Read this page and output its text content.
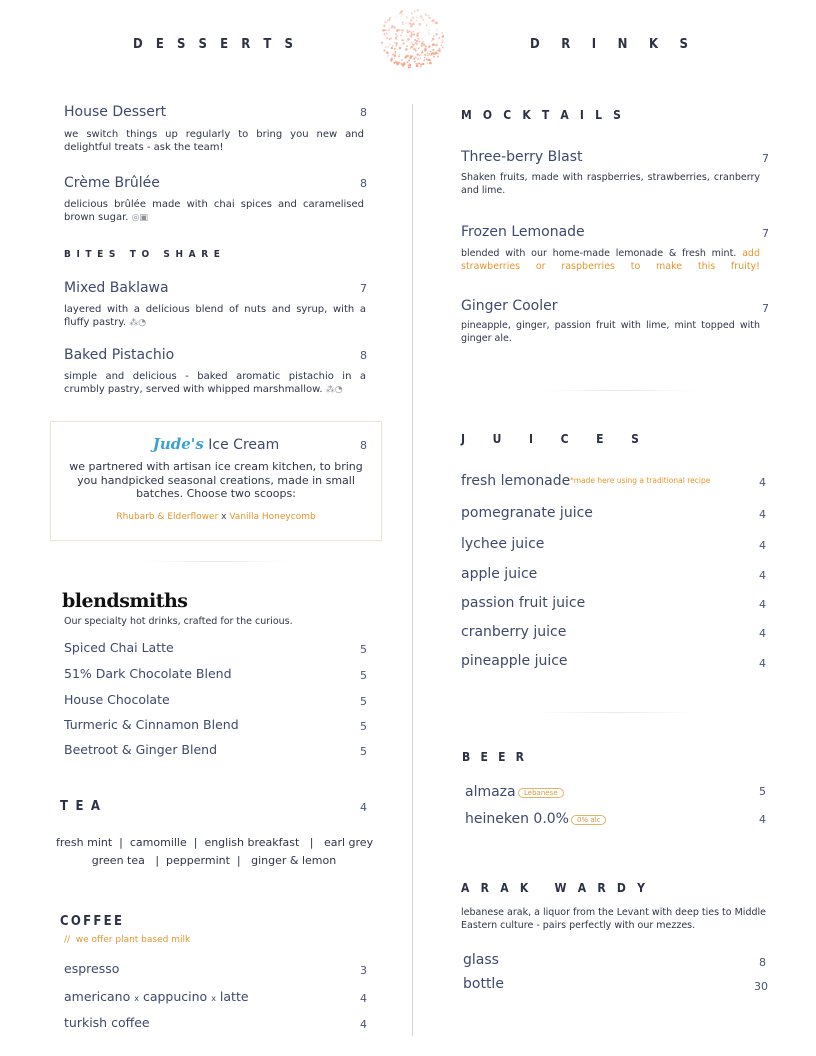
D E S S E R T S	D R I N K S
House Dessert	8
we switch things up regularly to bring you new and delightful treats - ask the team!
Crème Brûlée	8
delicious brûlée made with chai spices and caramelised brown sugar. ◎▣
B I T E S
T O
S H A R E
Mixed Baklawa	7
layered with a delicious blend of nuts and syrup, with a fluffy pastry. ⁂◔
Baked Pistachio	8
simple and delicious - baked aromatic pistachio in a crumbly pastry, served with whipped marshmallow. ⁂◔
Jude's Ice Cream	8
we partnered with artisan ice cream kitchen, to bring you handpicked seasonal creations, made in small batches. Choose two scoops:
Rhubarb & Elderflower x Vanilla Honeycomb
blendsmiths
Our specialty hot drinks, crafted for the curious.
Spiced Chai Latte	5
51% Dark Chocolate Blend	5
House Chocolate	5
Turmeric & Cinnamon Blend	5
Beetroot & Ginger Blend	5
T E A	4
fresh mint  |  camomille  |  english breakfast   |   earl grey
green tea   |  peppermint  |   ginger & lemon
C O F F E E
//  we offer plant based milk
espresso	3
americano x cappucino x latte	4
turkish coffee	4
M O C K T A I L S
Three-berry Blast	7
Shaken fruits, made with raspberries, strawberries, cranberry and lime.
Frozen Lemonade	7
blended with our home-made lemonade & fresh mint. add strawberries or raspberries to make this fruity!
Ginger Cooler	7
pineapple, ginger, passion fruit with lime, mint topped with ginger ale.
J U I C E S
fresh lemonade *made here using a traditional recipe	4
pomegranate juice	4
lychee juice	4
apple juice	4
passion fruit juice	4
cranberry juice	4
pineapple juice	4
B E E R
almaza	Lebanese	5
heineken 0.0%	0% alc	4
A R A K
W A R D Y
lebanese arak, a liquor from the Levant with deep ties to Middle Eastern culture - pairs perfectly with our mezzes.
glass	8
bottle	30
